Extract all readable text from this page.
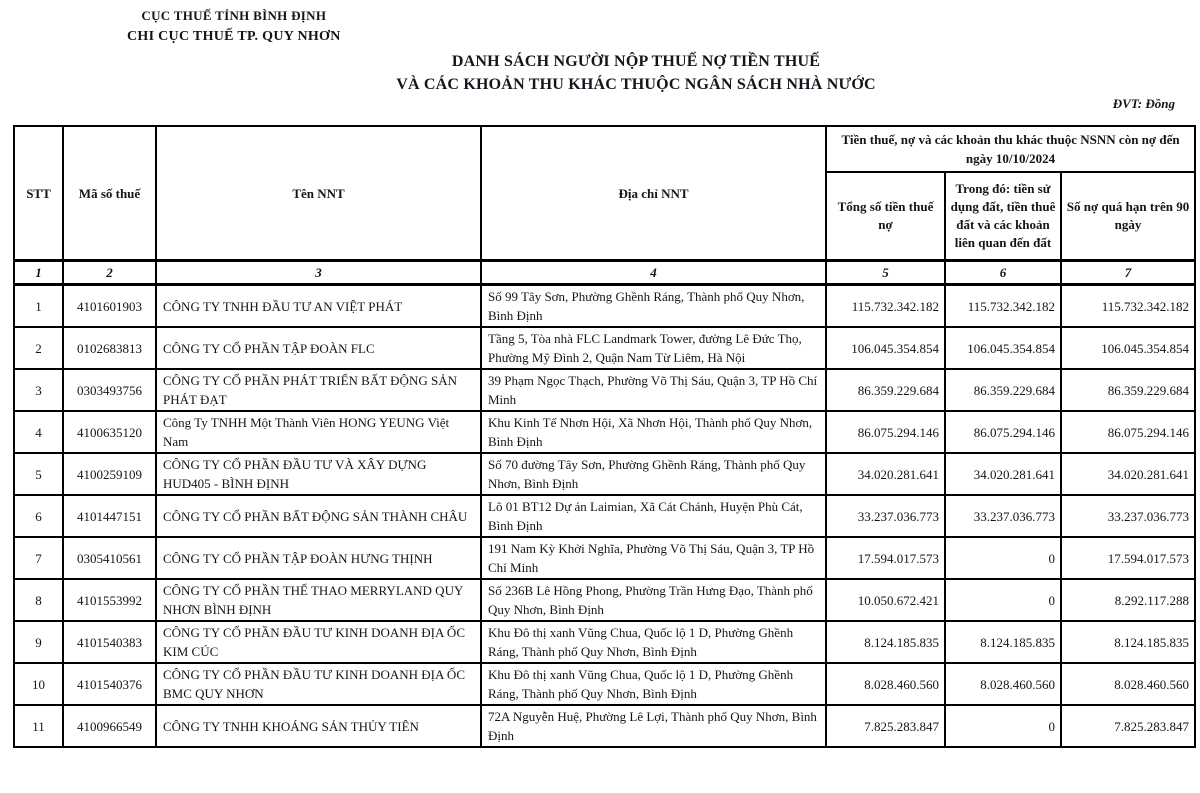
CỤC THUẾ TỈNH BÌNH ĐỊNH
CHI CỤC THUẾ TP. QUY NHƠN
DANH SÁCH NGƯỜI NỘP THUẾ NỢ TIỀN THUẾ
VÀ CÁC KHOẢN THU KHÁC THUỘC NGÂN SÁCH NHÀ NƯỚC
ĐVT: Đồng
STT	Mã số thuế	Tên NNT	Địa chỉ NNT	Tiền thuế, nợ và các khoản thu khác thuộc NSNN còn nợ đến ngày 10/10/2024		
				Tổng số tiền thuế nợ	Trong đó: tiền sử dụng đất, tiền thuê đất và các khoản liên quan đến đất	Số nợ quá hạn trên 90 ngày
1	2	3	4	5	6	7
1	4101601903	CÔNG TY TNHH ĐẦU TƯ AN VIỆT PHÁT	Số 99 Tây Sơn, Phường Ghềnh Ráng, Thành phố Quy Nhơn, Bình Định	115.732.342.182	115.732.342.182	115.732.342.182
2	0102683813	CÔNG TY CỔ PHẦN TẬP ĐOÀN FLC	Tầng 5, Tòa nhà FLC Landmark Tower, đường Lê Đức Thọ, Phường Mỹ Đình 2, Quận Nam Từ Liêm, Hà Nội	106.045.354.854	106.045.354.854	106.045.354.854
3	0303493756	CÔNG TY CỔ PHẦN PHÁT TRIỂN BẤT ĐỘNG SẢN PHÁT ĐẠT	39 Phạm Ngọc Thạch, Phường Võ Thị Sáu, Quận 3, TP Hồ Chí Minh	86.359.229.684	86.359.229.684	86.359.229.684
4	4100635120	Công Ty TNHH Một Thành Viên HONG YEUNG Việt Nam	Khu Kinh Tế Nhơn Hội, Xã Nhơn Hội, Thành phố Quy Nhơn, Bình Định	86.075.294.146	86.075.294.146	86.075.294.146
5	4100259109	CÔNG TY CỔ PHẦN ĐẦU TƯ VÀ XÂY DỰNG HUD405 - BÌNH ĐỊNH	Số 70 đường Tây Sơn, Phường Ghềnh Ráng, Thành phố Quy Nhơn, Bình Định	34.020.281.641	34.020.281.641	34.020.281.641
6	4101447151	CÔNG TY CỔ PHẦN BẤT ĐỘNG SẢN THÀNH CHÂU	Lô 01 BT12 Dự án Laimian, Xã Cát Chánh, Huyện Phù Cát, Bình Định	33.237.036.773	33.237.036.773	33.237.036.773
7	0305410561	CÔNG TY CỔ PHẦN TẬP ĐOÀN HƯNG THỊNH	191 Nam Kỳ Khởi Nghĩa, Phường Võ Thị Sáu, Quận 3, TP Hồ Chí Minh	17.594.017.573	0	17.594.017.573
8	4101553992	CÔNG TY CỔ PHẦN THỂ THAO MERRYLAND QUY NHƠN BÌNH ĐỊNH	Số 236B Lê Hồng Phong, Phường Trần Hưng Đạo, Thành phố Quy Nhơn, Bình Định	10.050.672.421	0	8.292.117.288
9	4101540383	CÔNG TY CỔ PHẦN ĐẦU TƯ KINH DOANH ĐỊA ỐC KIM CÚC	Khu Đô thị xanh Vũng Chua, Quốc lộ 1 D, Phường Ghềnh Ráng, Thành phố Quy Nhơn, Bình Định	8.124.185.835	8.124.185.835	8.124.185.835
10	4101540376	CÔNG TY CỔ PHẦN ĐẦU TƯ KINH DOANH ĐỊA ỐC BMC QUY NHƠN	Khu Đô thị xanh Vũng Chua, Quốc lộ 1 D, Phường Ghềnh Ráng, Thành phố Quy Nhơn, Bình Định	8.028.460.560	8.028.460.560	8.028.460.560
11	4100966549	CÔNG TY TNHH KHOÁNG SẢN THỦY TIÊN	72A Nguyễn Huệ, Phường Lê Lợi, Thành phố Quy Nhơn, Bình Định	7.825.283.847	0	7.825.283.847
